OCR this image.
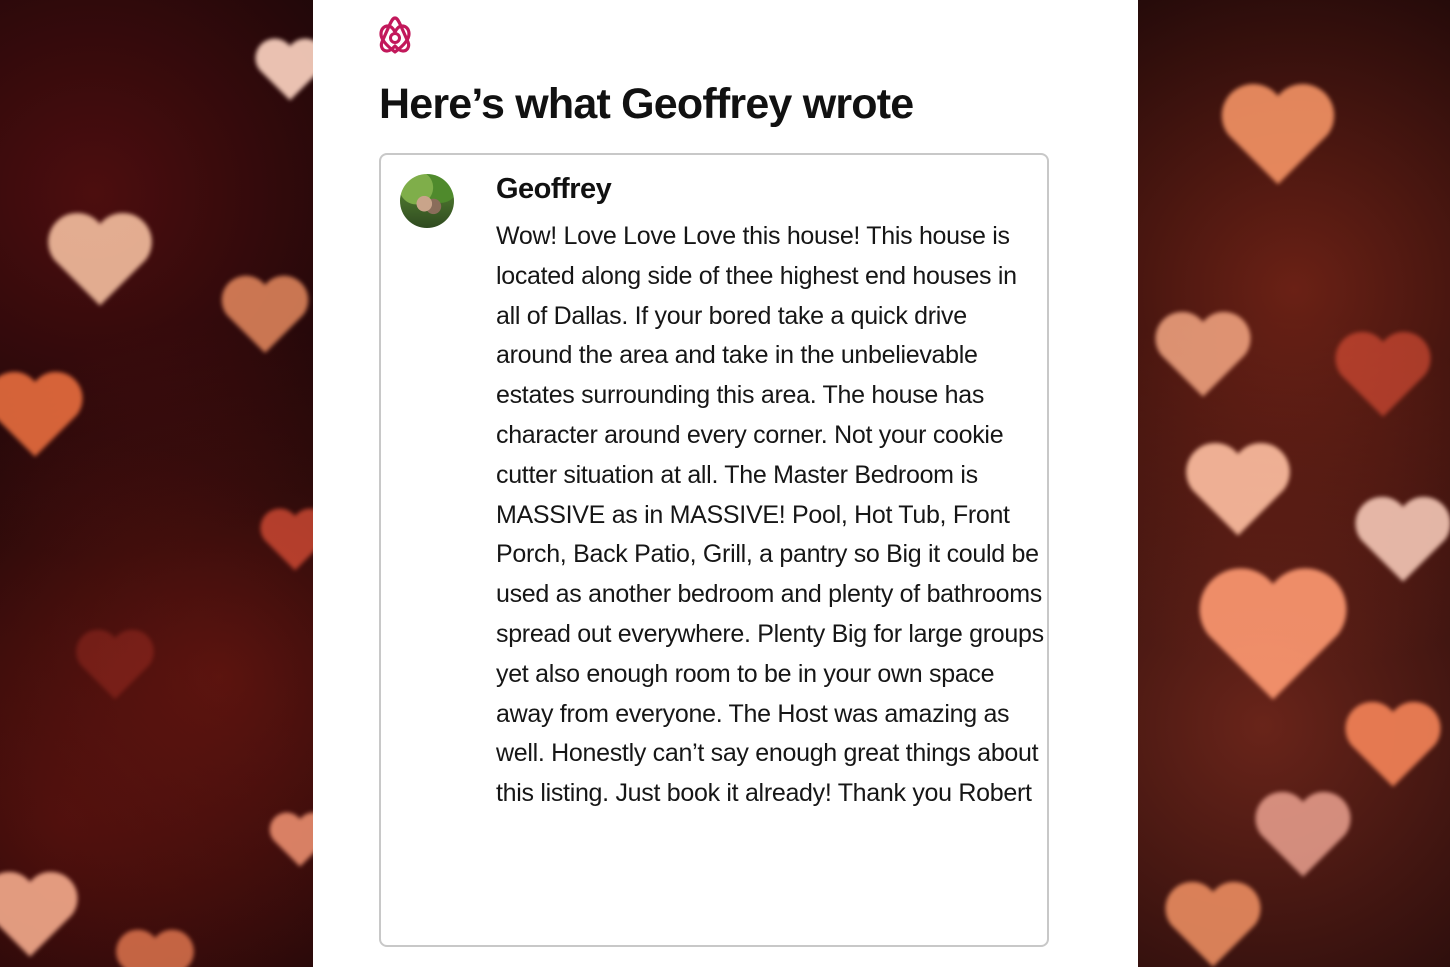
Here’s what Geoffrey wrote
Geoffrey

Wow! Love Love Love this house! This house is located along side of thee highest end houses in all of Dallas. If your bored take a quick drive around the area and take in the unbelievable estates surrounding this area. The house has character around every corner. Not your cookie cutter situation at all. The Master Bedroom is MASSIVE as in MASSIVE! Pool, Hot Tub, Front Porch, Back Patio, Grill, a pantry so Big it could be used as another bedroom and plenty of bathrooms spread out everywhere. Plenty Big for large groups yet also enough room to be in your own space away from everyone. The Host was amazing as well. Honestly can’t say enough great things about this listing. Just book it already! Thank you Robert
